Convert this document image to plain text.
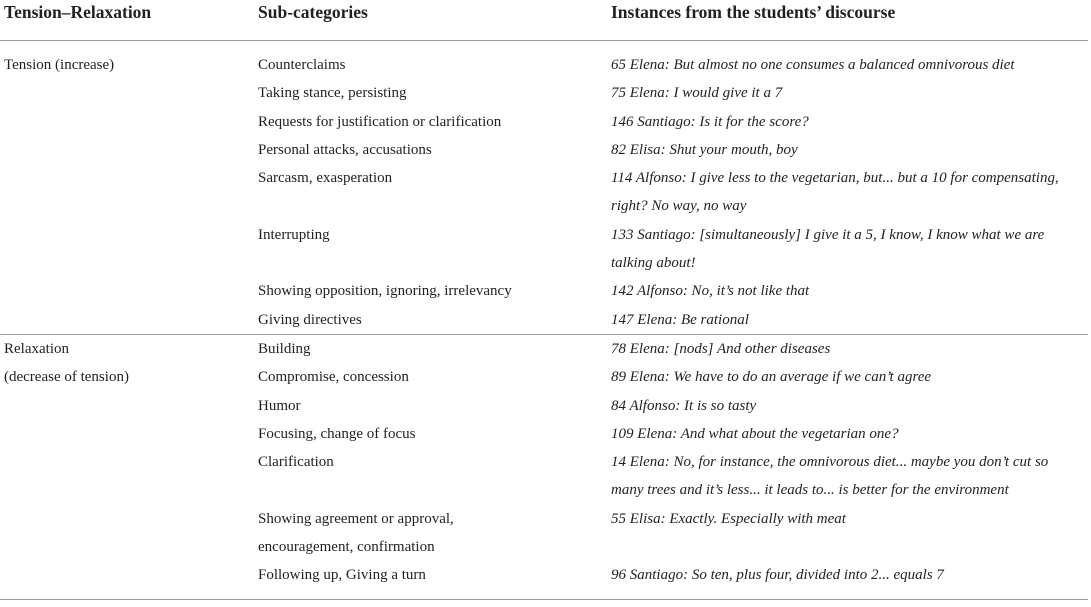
Tension–Relaxation	Sub-categories	Instances from the students’ discourse

Tension (increase)	Counterclaims	65 Elena: But almost no one consumes a balanced omnivorous diet
	Taking stance, persisting	75 Elena: I would give it a 7
	Requests for justification or clarification	146 Santiago: Is it for the score?
	Personal attacks, accusations	82 Elisa: Shut your mouth, boy
	Sarcasm, exasperation	114 Alfonso: I give less to the vegetarian, but... but a 10 for compensating,
right? No way, no way

	Interrupting	133 Santiago: [simultaneously] I give it a 5, I know, I know what we are
talking about!

	Showing opposition, ignoring, irrelevancy	142 Alfonso: No, it’s not like that
	Giving directives	147 Elena: Be rational
Relaxation	Building	78 Elena: [nods] And other diseases
(decrease of tension)	Compromise, concession	89 Elena: We have to do an average if we can’t agree
	Humor	84 Alfonso: It is so tasty
	Focusing, change of focus	109 Elena: And what about the vegetarian one?
	Clarification	14 Elena: No, for instance, the omnivorous diet... maybe you don’t cut so
many trees and it’s less... it leads to... is better for the environment

	Showing agreement or approval,
encouragement, confirmation	55 Elisa: Exactly. Especially with meat
	Following up, Giving a turn	96 Santiago: So ten, plus four, divided into 2... equals 7
